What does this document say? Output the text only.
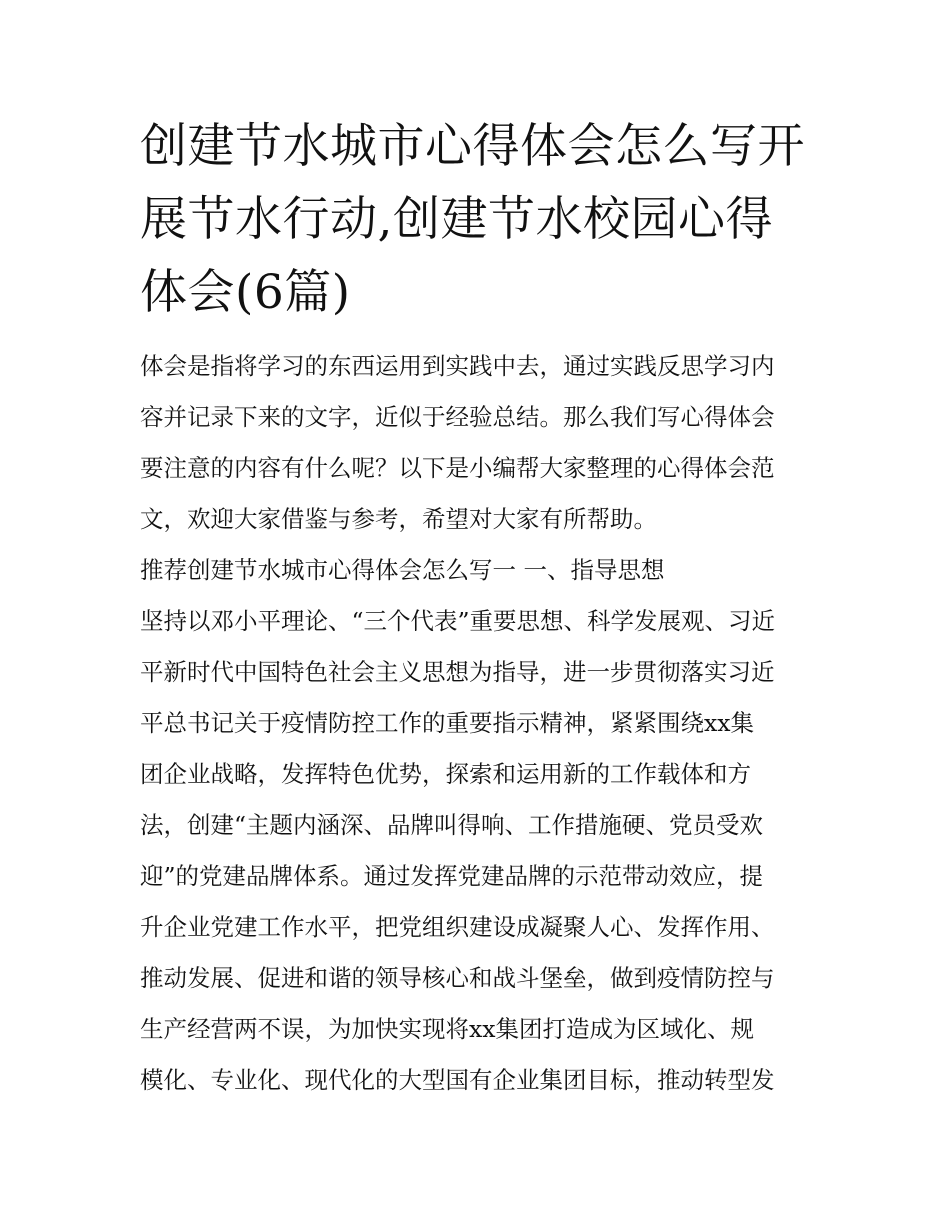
创建节水城市心得体会怎么写开展节水行动,创建节水校园心得体会(6篇)
体会是指将学习的东西运用到实践中去，通过实践反思学习内
容并记录下来的文字，近似于经验总结。那么我们写心得体会
要注意的内容有什么呢？以下是小编帮大家整理的心得体会范
文，欢迎大家借鉴与参考，希望对大家有所帮助。
推荐创建节水城市心得体会怎么写一 一、指导思想
坚持以邓小平理论、“三个代表”重要思想、科学发展观、习近
平新时代中国特色社会主义思想为指导，进一步贯彻落实习近
平总书记关于疫情防控工作的重要指示精神，紧紧围绕xx集
团企业战略，发挥特色优势，探索和运用新的工作载体和方
法，创建“主题内涵深、品牌叫得响、工作措施硬、党员受欢
迎”的党建品牌体系。通过发挥党建品牌的示范带动效应，提
升企业党建工作水平，把党组织建设成凝聚人心、发挥作用、
推动发展、促进和谐的领导核心和战斗堡垒，做到疫情防控与
生产经营两不误，为加快实现将xx集团打造成为区域化、规
模化、专业化、现代化的大型国有企业集团目标，推动转型发
